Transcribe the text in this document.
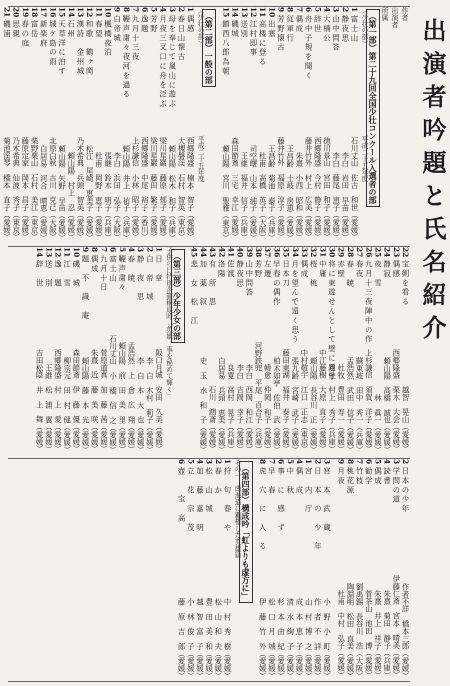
出演者吟題と氏名紹介
作者
出演者
所属
（第一部）第二十九回全国少壮コンクール入選者の部
（少壮の部）　　　　　　　　　　　　　　平成二十五年度
1富士山
石川丈山　佐古　和世（愛媛）
2静夜思
李白　岩田　早苗（愛媛）
3山中問答
李白　藤尾　恵子（愛媛）
4大楠公
徳川景山　宮田　和子（愛媛）
5辞世
西郷隆盛　今村　静子（愛媛）
6舟中子規を聞く
藤井竹外　村上　広美（愛媛）
7偶成
朱熹　小西　昭和（愛媛）
8従軍行
王昌齢　土岐　房恵（愛媛）
9芳野懐古
藤井竹外　福原　淳子（愛媛）
10出塞
王昌齢　菊池　泰子（兵庫）
11高楼に登る
杜甫　高橋　英子（大阪）
12江村即事
司空曙　山本　純子（愛媛）
13送別
王維　福井　信子（兵庫）
14磯城
森田節斎　三宅　幸江（愛媛）
15鎮西八郎為朝
頼山陽　宮川　聖雅（東京）
（第二部）一般の部
（少壮の部）　　　　　　　　　　　　　　平成二十五年度
1偶感
西郷隆盛　楠本　智子（愛媛）
2春日山懐古
大槻磐渓　石村　智英（東京）
3母を奉じて嵐山に遊ぶ
頼山陽　松木　和子（兵庫）
4月夜三叉口に舟を泛ぶ
梁川星巌　藤原　郁子（愛媛）
5芳野
梁川星巌　藤田　繁子（愛媛）
6逸題
西郷隆盛　中尾　裕子（香川）
7九月十三夜
上杉謙信　小林　昭子（愛媛）
8鞭声粛々夜河を過る
頼山陽　井上　祐子（兵庫）
9白帝城
李白　浜田　弘子（大阪）
10楓橋夜泊
張継　鈴木　明子（兵庫）
11春望
杜甫　岡野　恵子（愛媛）
12和歌　鶴ヶ岡
松江　尾崎　恵美子（愛媛）
13漢詩　金州城
乃木希典　兵頭　智美（愛媛）
14石州
頼山陽　村上　忍（愛媛）
15天草洋に泊す
頼山陽　矢野　早苗（愛媛）
16城ケ島の雨
北原白秋　古川　克己（大阪）
17新楽府
白居易　河合　晴恵（愛媛）
18富岳
柴野栗山　石村　美江（東京）
19春の庭
藤原定家　岡本　昌子（愛媛）
20思親
乃木希典　仙波　秀子（東京）
21磯浦
菊池渓琴　橋本　直子（愛媛）
22宝剣を看る
越智　晃山（愛媛）
23偶感
西郷隆盛　栗木　大会（愛媛）
24静寂
頼山陽　高橋　誠也（愛媛）
25夜　雪
林　眞一（愛媛）
26九月十三夜陣中の作
上杉謙信　須賀　洋子（愛媛）
27春夜
蘇東坡　田中　秀一（兵庫）
28春　暁
孟浩然　武田　信子（愛媛）
29赤壁
杜牧　豊田　寿一（愛媛）
30将に東遊せんとして壁に題す
月性　村上　秀子（兵庫）
31中庸
中江藤樹　大原　直子（愛媛）
32桜　桃
頼山陽　長谷川　正（愛媛）
33偶成
中村敬宇　江口　正志（東京）
34月を望んで遠く思う
張九齢　宮崎　武子（愛媛）
35日本刀
藤田東湖　福井　泰子（愛媛）
36早春の偶作
柏木如亭　佐伯　武（愛媛）
37左遷
韓愈　仲岡　和子（愛媛）
38芳野
河野鉄兜　平尾　百合子（兵庫）
39山中問答
李白　西岡　和江（愛媛）
40静夜思
李白　吉岡　幸子（愛媛）
41佐渡
良寛　高村　晃子（兵庫）
42洛陽
白居易　兵頭　恵美（愛媛）
43有　所　思
石川　鴻斎（愛媛）
44加　薬　叙
史　玉　水　和　子（愛媛）
45悲　女　松　江
（第三部）少年少女の部
子供の日特別企画構成吟「英雄　事を秘めて輝く」
1日　章
阪口月城　安田　久美（愛媛）
2白　帝　城
李　白　木村　莉子（愛媛）
3静　夜　思
李　白　本　大　也（愛媛）
4春　暁
孟浩然　上　倉　広　翔（愛媛）
5鞭声粛々
頼山陽　前　田　美　里（愛媛）
6富士山
石川丈山　小　橋　信　之（愛媛）
7九月十日
菅原道真　加　藤　茜（愛媛）
8偶成
朱熹　近　藤　美　咲（愛媛）
9題　不　識　庵
頼山陽　藤　本　光（愛媛）
10磯　城
森田節斎　伊　藤　優（愛媛）
11江　雪
柳宗元　田　村　健（愛媛）
12逸　題
西郷隆盛　村　上　愛（愛媛）
13送　別
王維　松　浦　翼（愛媛）
14辞　世
吉田松陰　井　上　舞（愛媛）
2日本の少年
作者不詳　橋本三郎（愛媛）
3学問の道
伊藤仁斎　宮本　晴美（愛媛）
4読書
朱熹　菊田　静子（兵庫）
5偶成
朱熹　井上　祥子（愛媛）
6勧学
菅茶山　池田　博（愛媛）
7竹枝
劉禹錫　長谷川　浩（大阪）
8桃花源
陶淵明　松田　直美（愛媛）
9月夜
杜甫　中村　弘子（愛媛）
3宮　本　武　蔵
小　野　小　町（愛媛）
2日　本　の　少　年
作　者　不　詳（愛媛）
1宮　内　庁
山　村　博　之（愛媛）
4偶　成
成　本　恵　子（愛媛）
5中　秋
清　水　絢　子（愛媛）
6事　に　感　ず
杉　本　由　紀（愛媛）
7早　春
松　口　月　城（愛媛）
8虎　穴　に　入　る
伊　藤　竹　外（愛媛）
（第四部）構成吟「虹よりも虚方に」
その一　南海道に覇権した英雄篇
1狩　句　春　や
中　村　秀　樹（愛媛）
2春　か
松　山　和　夫（愛媛）
3松　山　城
豊　田　美　和（愛媛）
4加　藤　嘉　明
越　智　富　子（愛媛）
5立　花　宗　茂
小　林　俊　子（愛媛）
6壺　　宝　高
藤　原　吉　郎（愛媛）
